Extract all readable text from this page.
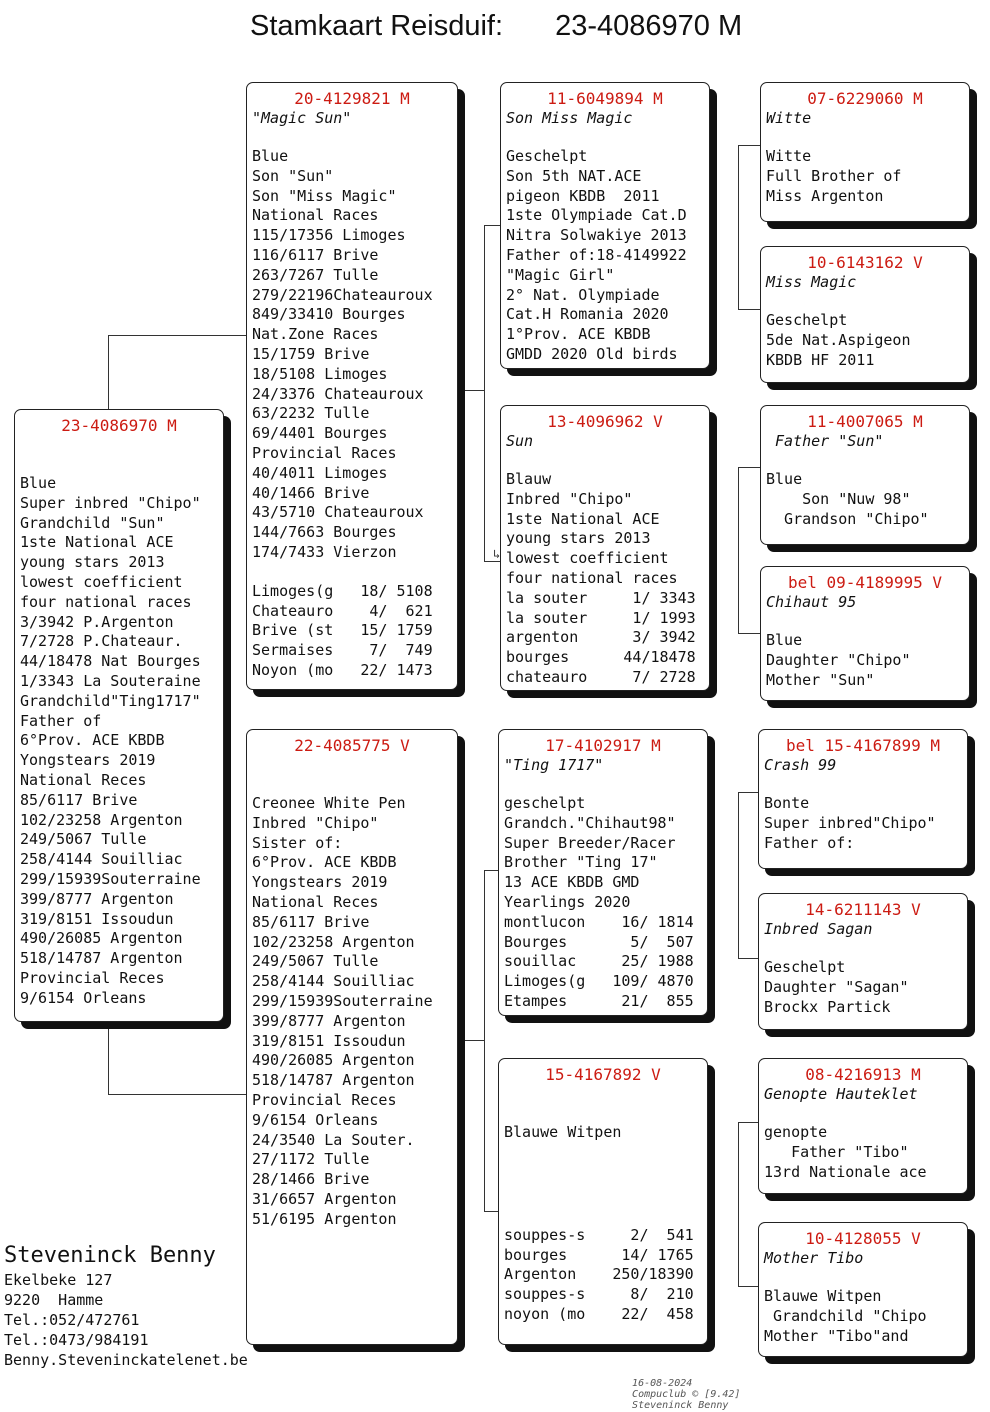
Stamkaart Reisduif: 23-4086970 M
↳
23-4086970 M
Blue
Super inbred "Chipo"
Grandchild "Sun"
1ste National ACE
young stars 2013
lowest coefficient
four national races
3/3942 P.Argenton
7/2728 P.Chateaur.
44/18478 Nat Bourges
1/3343 La Souteraine
Grandchild"Ting1717"
Father of
6°Prov. ACE KBDB
Yongstears 2019
National Reces
85/6117 Brive
102/23258 Argenton
249/5067 Tulle
258/4144 Souilliac
299/15939Souterraine
399/8777 Argenton
319/8151 Issoudun
490/26085 Argenton
518/14787 Argenton
Provincial Reces
9/6154 Orleans
20-4129821 M
"Magic Sun"
Blue
Son "Sun"
Son "Miss Magic"
National Races
115/17356 Limoges
116/6117 Brive
263/7267 Tulle
279/22196Chateauroux
849/33410 Bourges
Nat.Zone Races
15/1759 Brive
18/5108 Limoges
24/3376 Chateauroux
63/2232 Tulle
69/4401 Bourges
Provincial Races
40/4011 Limoges
40/1466 Brive
43/5710 Chateauroux
144/7663 Bourges
174/7433 Vierzon
Limoges(g   18/ 5108
Chateauro    4/  621
Brive (st   15/ 1759
Sermaises    7/  749
Noyon (mo   22/ 1473
22-4085775 V
Creonee White Pen
Inbred "Chipo"
Sister of:
6°Prov. ACE KBDB
Yongstears 2019
National Reces
85/6117 Brive
102/23258 Argenton
249/5067 Tulle
258/4144 Souilliac
299/15939Souterraine
399/8777 Argenton
319/8151 Issoudun
490/26085 Argenton
518/14787 Argenton
Provincial Reces
9/6154 Orleans
24/3540 La Souter.
27/1172 Tulle
28/1466 Brive
31/6657 Argenton
51/6195 Argenton
11-6049894 M
Son Miss Magic
Geschelpt
Son 5th NAT.ACE
pigeon KBDB  2011
1ste Olympiade Cat.D
Nitra Solwakiye 2013
Father of:18-4149922
"Magic Girl"
2° Nat. Olympiade
Cat.H Romania 2020
1°Prov. ACE KBDB
GMDD 2020 Old birds
13-4096962 V
Sun
Blauw
Inbred "Chipo"
1ste National ACE
young stars 2013
lowest coefficient
four national races
la souter     1/ 3343
la souter     1/ 1993
argenton      3/ 3942
bourges      44/18478
chateauro     7/ 2728
17-4102917 M
"Ting 1717"
geschelpt
Grandch."Chihaut98"
Super Breeder/Racer
Brother "Ting 17"
13 ACE KBDB GMD
Yearlings 2020
montlucon    16/ 1814
Bourges       5/  507
souillac     25/ 1988
Limoges(g   109/ 4870
Etampes      21/  855
15-4167892 V
Blauwe Witpen
souppes-s     2/  541
bourges      14/ 1765
Argenton    250/18390
souppes-s     8/  210
noyon (mo    22/  458
07-6229060 M
Witte
Witte
Full Brother of
Miss Argenton
10-6143162 V
Miss Magic
Geschelpt
5de Nat.Aspigeon
KBDB HF 2011
11-4007065 M
Father "Sun"
Blue
Son "Nuw 98"
Grandson "Chipo"
bel 09-4189995 V
Chihaut 95
Blue
Daughter "Chipo"
Mother "Sun"
bel 15-4167899 M
Crash 99
Bonte
Super inbred"Chipo"
Father of:
14-6211143 V
Inbred Sagan
Geschelpt
Daughter "Sagan"
Brockx Partick
08-4216913 M
Genopte Hauteklet
genopte
Father "Tibo"
13rd Nationale ace
10-4128055 V
Mother Tibo
Blauwe Witpen
Grandchild "Chipo
Mother "Tibo"and
Steveninck Benny
Ekelbeke 127
9220  Hamme
Tel.:052/472761
Tel.:0473/984191
Benny.Steveninckatelenet.be

16-08-2024
Compuclub © [9.42]
Steveninck Benny
